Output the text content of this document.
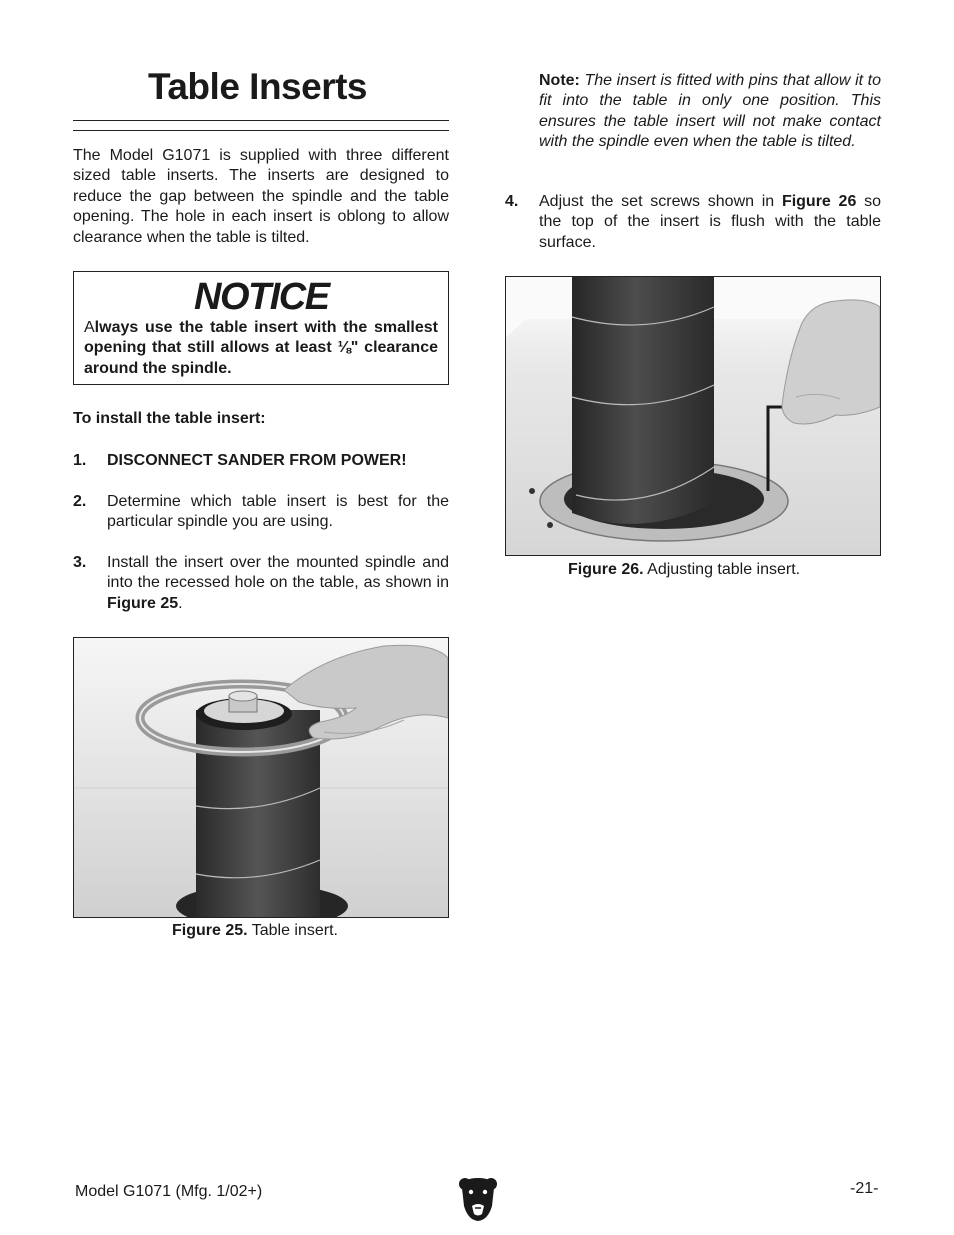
Table Inserts

The Model G1071 is supplied with three different sized table inserts. The inserts are designed to reduce the gap between the spindle and the table opening. The hole in each insert is oblong to allow clearance when the table is tilted.

NOTICE
Always use the table insert with the smallest opening that still allows at least ⅛" clearance around the spindle.

To install the table insert:

1. DISCONNECT SANDER FROM POWER!
2. Determine which table insert is best for the particular spindle you are using.
3. Install the insert over the mounted spindle and into the recessed hole on the table, as shown in Figure 25.

Figure 25. Table insert.

Note: The insert is fitted with pins that allow it to fit into the table in only one position. This ensures the table insert will not make contact with the spindle even when the table is tilted.

4. Adjust the set screws shown in Figure 26 so the top of the insert is flush with the table surface.

Figure 26. Adjusting table insert.

Model G1071 (Mfg. 1/02+)	-21-
